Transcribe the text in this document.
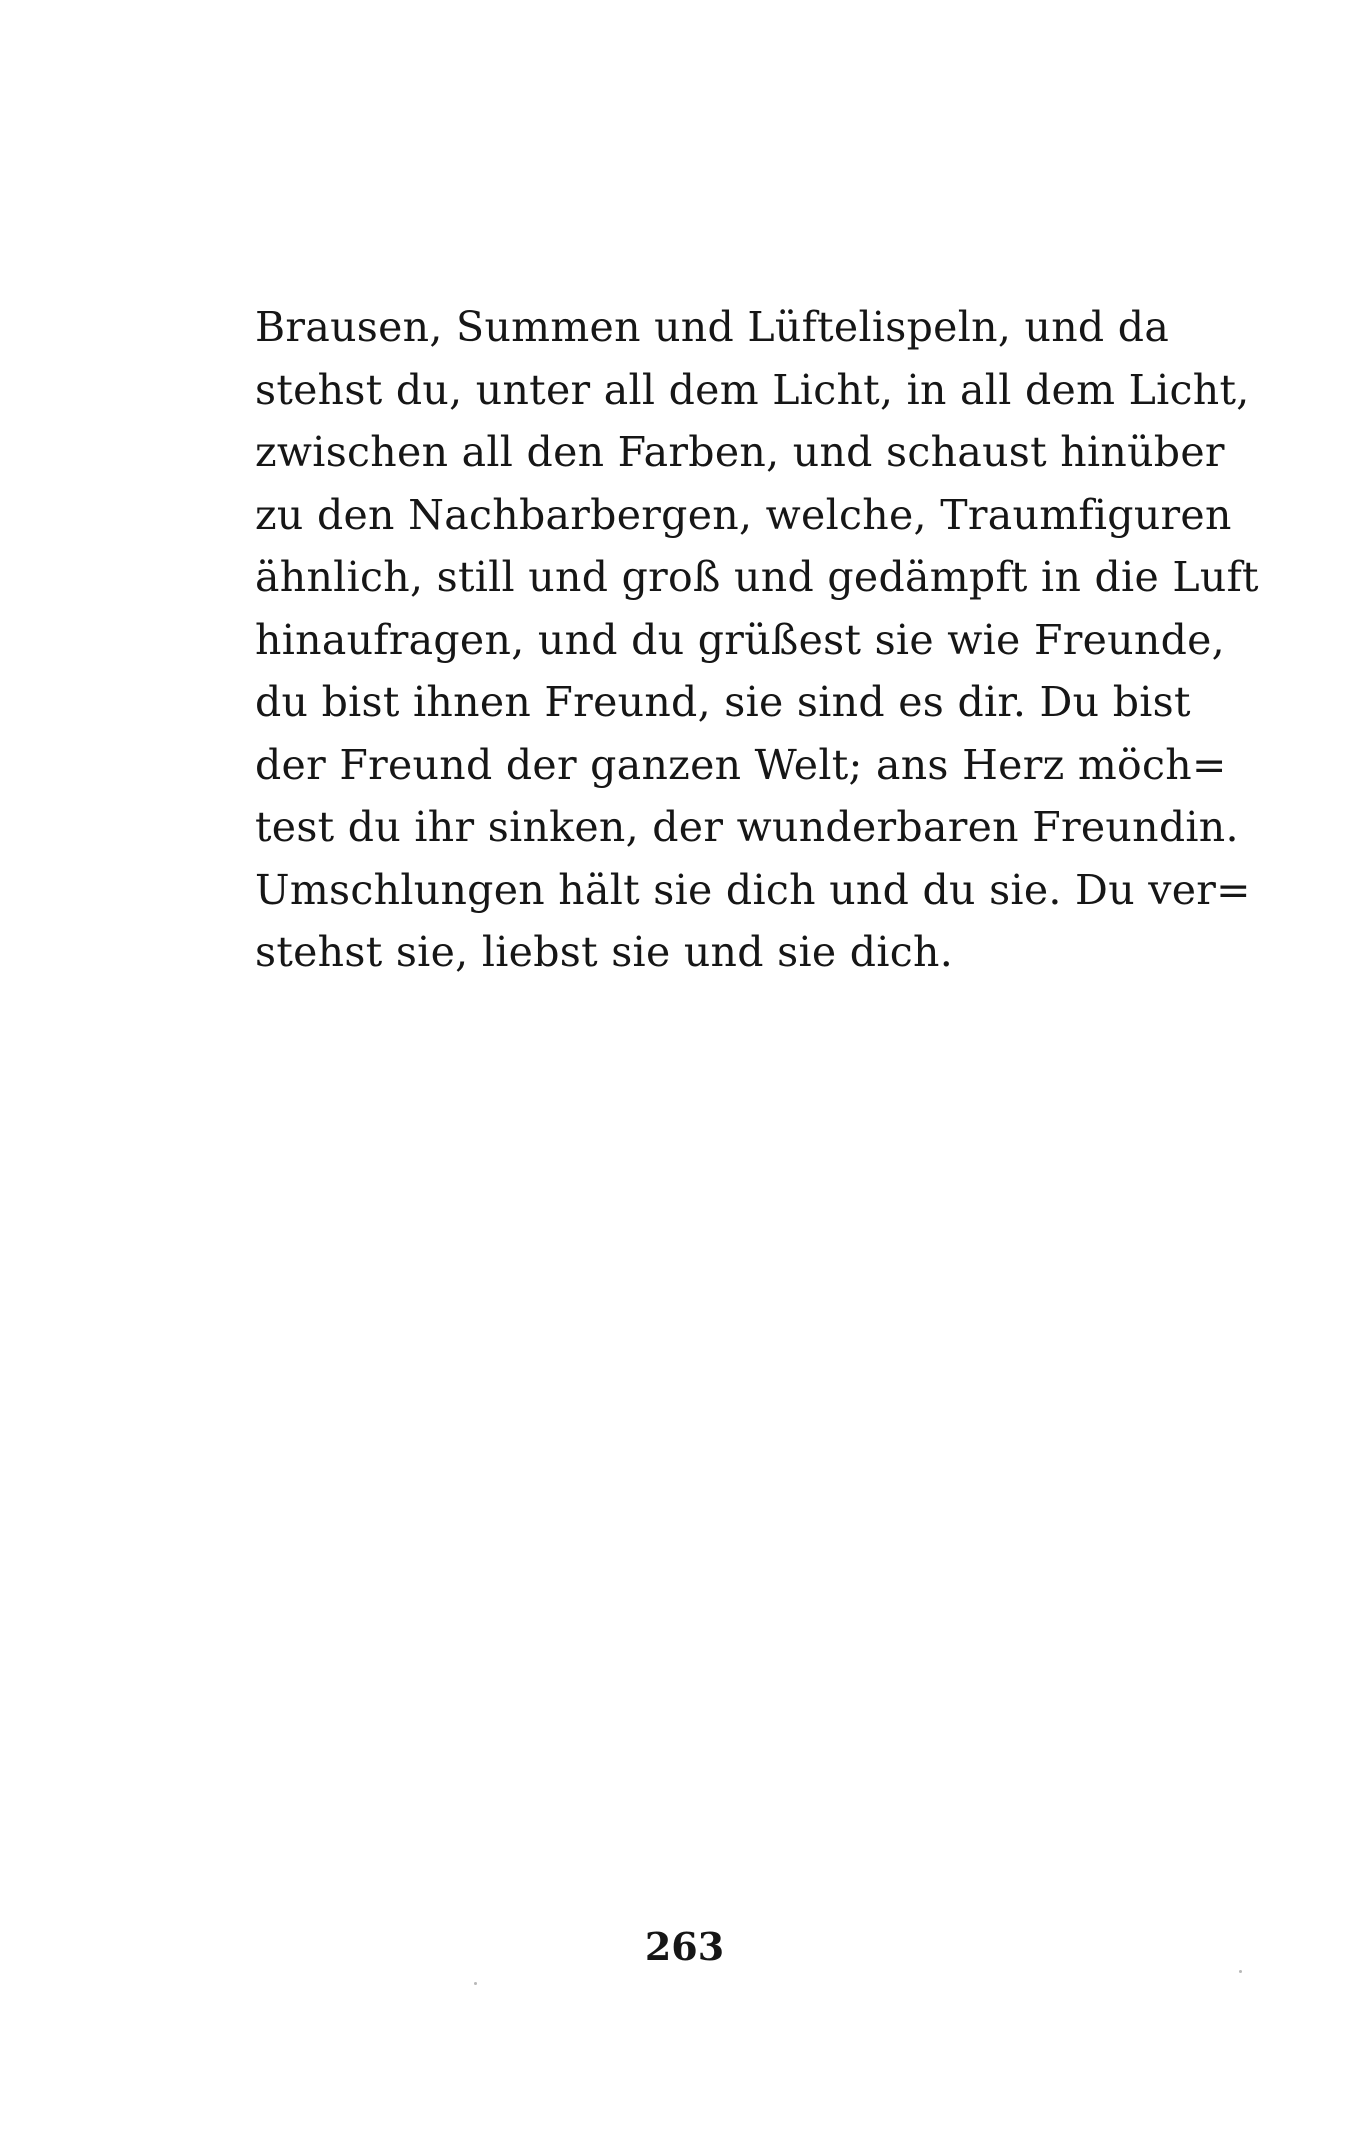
Brausen, Summen und Lüftelispeln, und da
stehst du, unter all dem Licht, in all dem Licht,
zwischen all den Farben, und schaust hinüber
zu den Nachbarbergen, welche, Traumfiguren
ähnlich, still und groß und gedämpft in die Luft
hinaufragen, und du grüßest sie wie Freunde,
du bist ihnen Freund, sie sind es dir. Du bist
der Freund der ganzen Welt; ans Herz möch=
test du ihr sinken, der wunderbaren Freundin.
Umschlungen hält sie dich und du sie. Du ver=
stehst sie, liebst sie und sie dich.
263
